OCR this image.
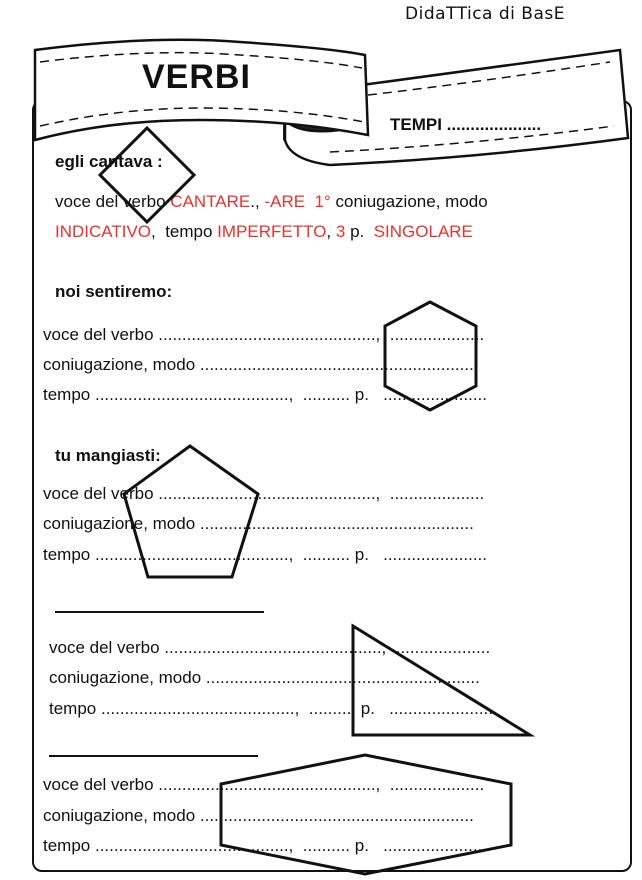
DidaTTica di BasE
VERBI
TEMPI ....................
egli cantava :
voce del verbo CANTARE., -ARE  1° coniugazione, modo
INDICATIVO,  tempo IMPERFETTO, 3 p.  SINGOLARE
noi sentiremo:
voce del verbo ..............................................,  ....................
coniugazione, modo ..........................................................
tempo .........................................,  .......... p.   ......................
tu mangiasti:
voce del verbo ..............................................,  ....................
coniugazione, modo ..........................................................
tempo .........................................,  .......... p.   ......................
voce del verbo ..............................................,  ....................
coniugazione, modo ..........................................................
tempo .........................................,  .......... p.   ......................
voce del verbo ..............................................,  ....................
coniugazione, modo ..........................................................
tempo .........................................,  .......... p.   ......................
